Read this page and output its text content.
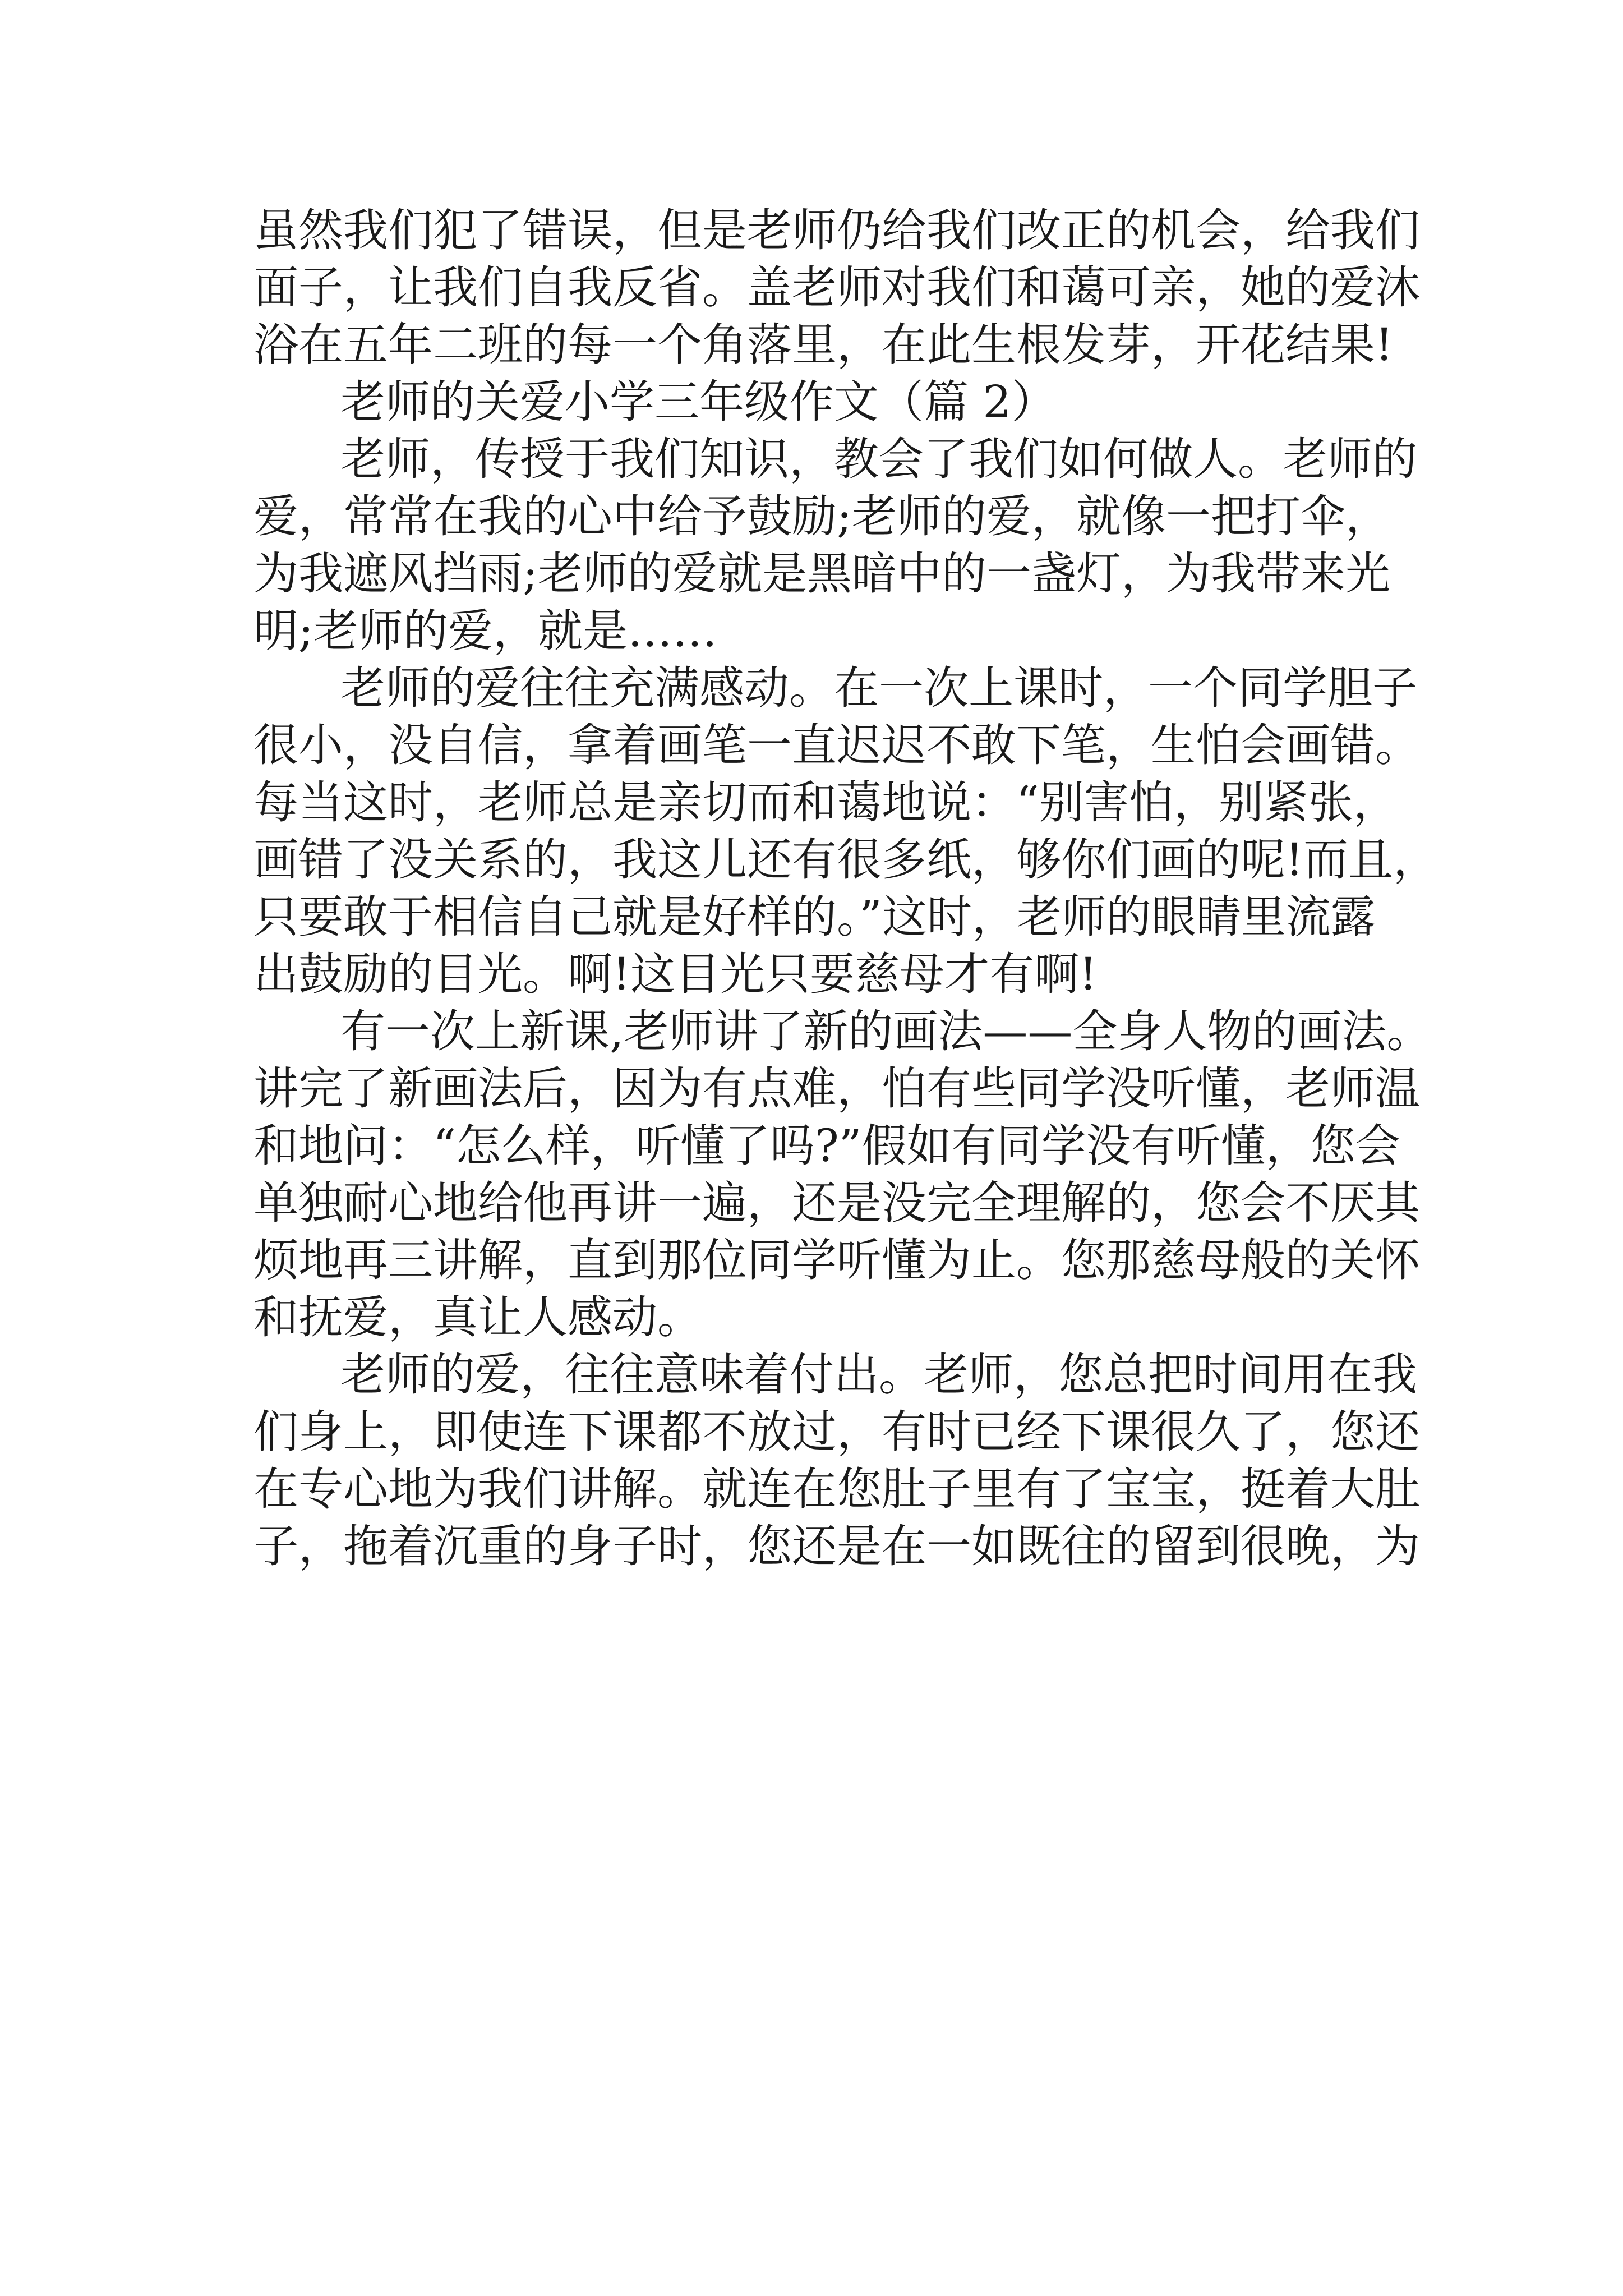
虽然我们犯了错误，但是老师仍给我们改正的机会，给我们

面子，让我们自我反省。盖老师对我们和蔼可亲，她的爱沐

浴在五年二班的每一个角落里，在此生根发芽，开花结果!

老师的关爱小学三年级作文（篇 2）

老师，传授于我们知识，教会了我们如何做人。老师的

爱，常常在我的心中给予鼓励;老师的爱，就像一把打伞，

为我遮风挡雨;老师的爱就是黑暗中的一盏灯，为我带来光

明;老师的爱，就是……

老师的爱往往充满感动。在一次上课时，一个同学胆子

很小，没自信，拿着画笔一直迟迟不敢下笔，生怕会画错。

每当这时，老师总是亲切而和蔼地说：“别害怕，别紧张，

画错了没关系的，我这儿还有很多纸，够你们画的呢!而且，

只要敢于相信自己就是好样的。”这时，老师的眼睛里流露

出鼓励的目光。啊!这目光只要慈母才有啊!

有一次上新课,老师讲了新的画法——全身人物的画法。

讲完了新画法后，因为有点难，怕有些同学没听懂，老师温

和地问：“怎么样，听懂了吗?”假如有同学没有听懂，您会

单独耐心地给他再讲一遍，还是没完全理解的，您会不厌其

烦地再三讲解，直到那位同学听懂为止。您那慈母般的关怀

和抚爱，真让人感动。

老师的爱，往往意味着付出。老师，您总把时间用在我

们身上，即使连下课都不放过，有时已经下课很久了，您还

在专心地为我们讲解。就连在您肚子里有了宝宝，挺着大肚

子，拖着沉重的身子时，您还是在一如既往的留到很晚，为
